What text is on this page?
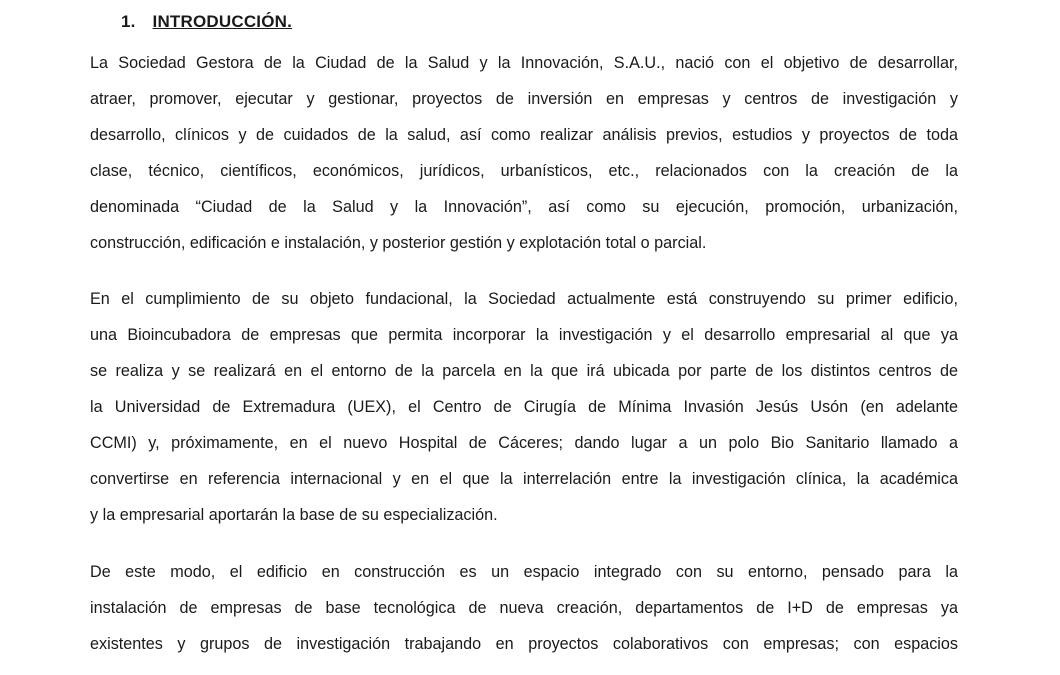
1. INTRODUCCIÓN.
La Sociedad Gestora de la Ciudad de la Salud y la Innovación, S.A.U., nació con el objetivo de desarrollar,
atraer, promover, ejecutar y gestionar, proyectos de inversión en empresas y centros de investigación y
desarrollo, clínicos y de cuidados de la salud, así como realizar análisis previos, estudios y proyectos de toda
clase, técnico, científicos, económicos, jurídicos, urbanísticos, etc., relacionados con la creación de la
denominada “Ciudad de la Salud y la Innovación”, así como su ejecución, promoción, urbanización,
construcción, edificación e instalación, y posterior gestión y explotación total o parcial.
En el cumplimiento de su objeto fundacional, la Sociedad actualmente está construyendo su primer edificio,
una Bioincubadora de empresas que permita incorporar la investigación y el desarrollo empresarial al que ya
se realiza y se realizará en el entorno de la parcela en la que irá ubicada por parte de los distintos centros de
la Universidad de Extremadura (UEX), el Centro de Cirugía de Mínima Invasión Jesús Usón (en adelante
CCMI) y, próximamente, en el nuevo Hospital de Cáceres; dando lugar a un polo Bio Sanitario llamado a
convertirse en referencia internacional y en el que la interrelación entre la investigación clínica, la académica
y la empresarial aportarán la base de su especialización.
De este modo, el edificio en construcción es un espacio integrado con su entorno, pensado para la
instalación de empresas de base tecnológica de nueva creación, departamentos de I+D de empresas ya
existentes y grupos de investigación trabajando en proyectos colaborativos con empresas; con espacios
